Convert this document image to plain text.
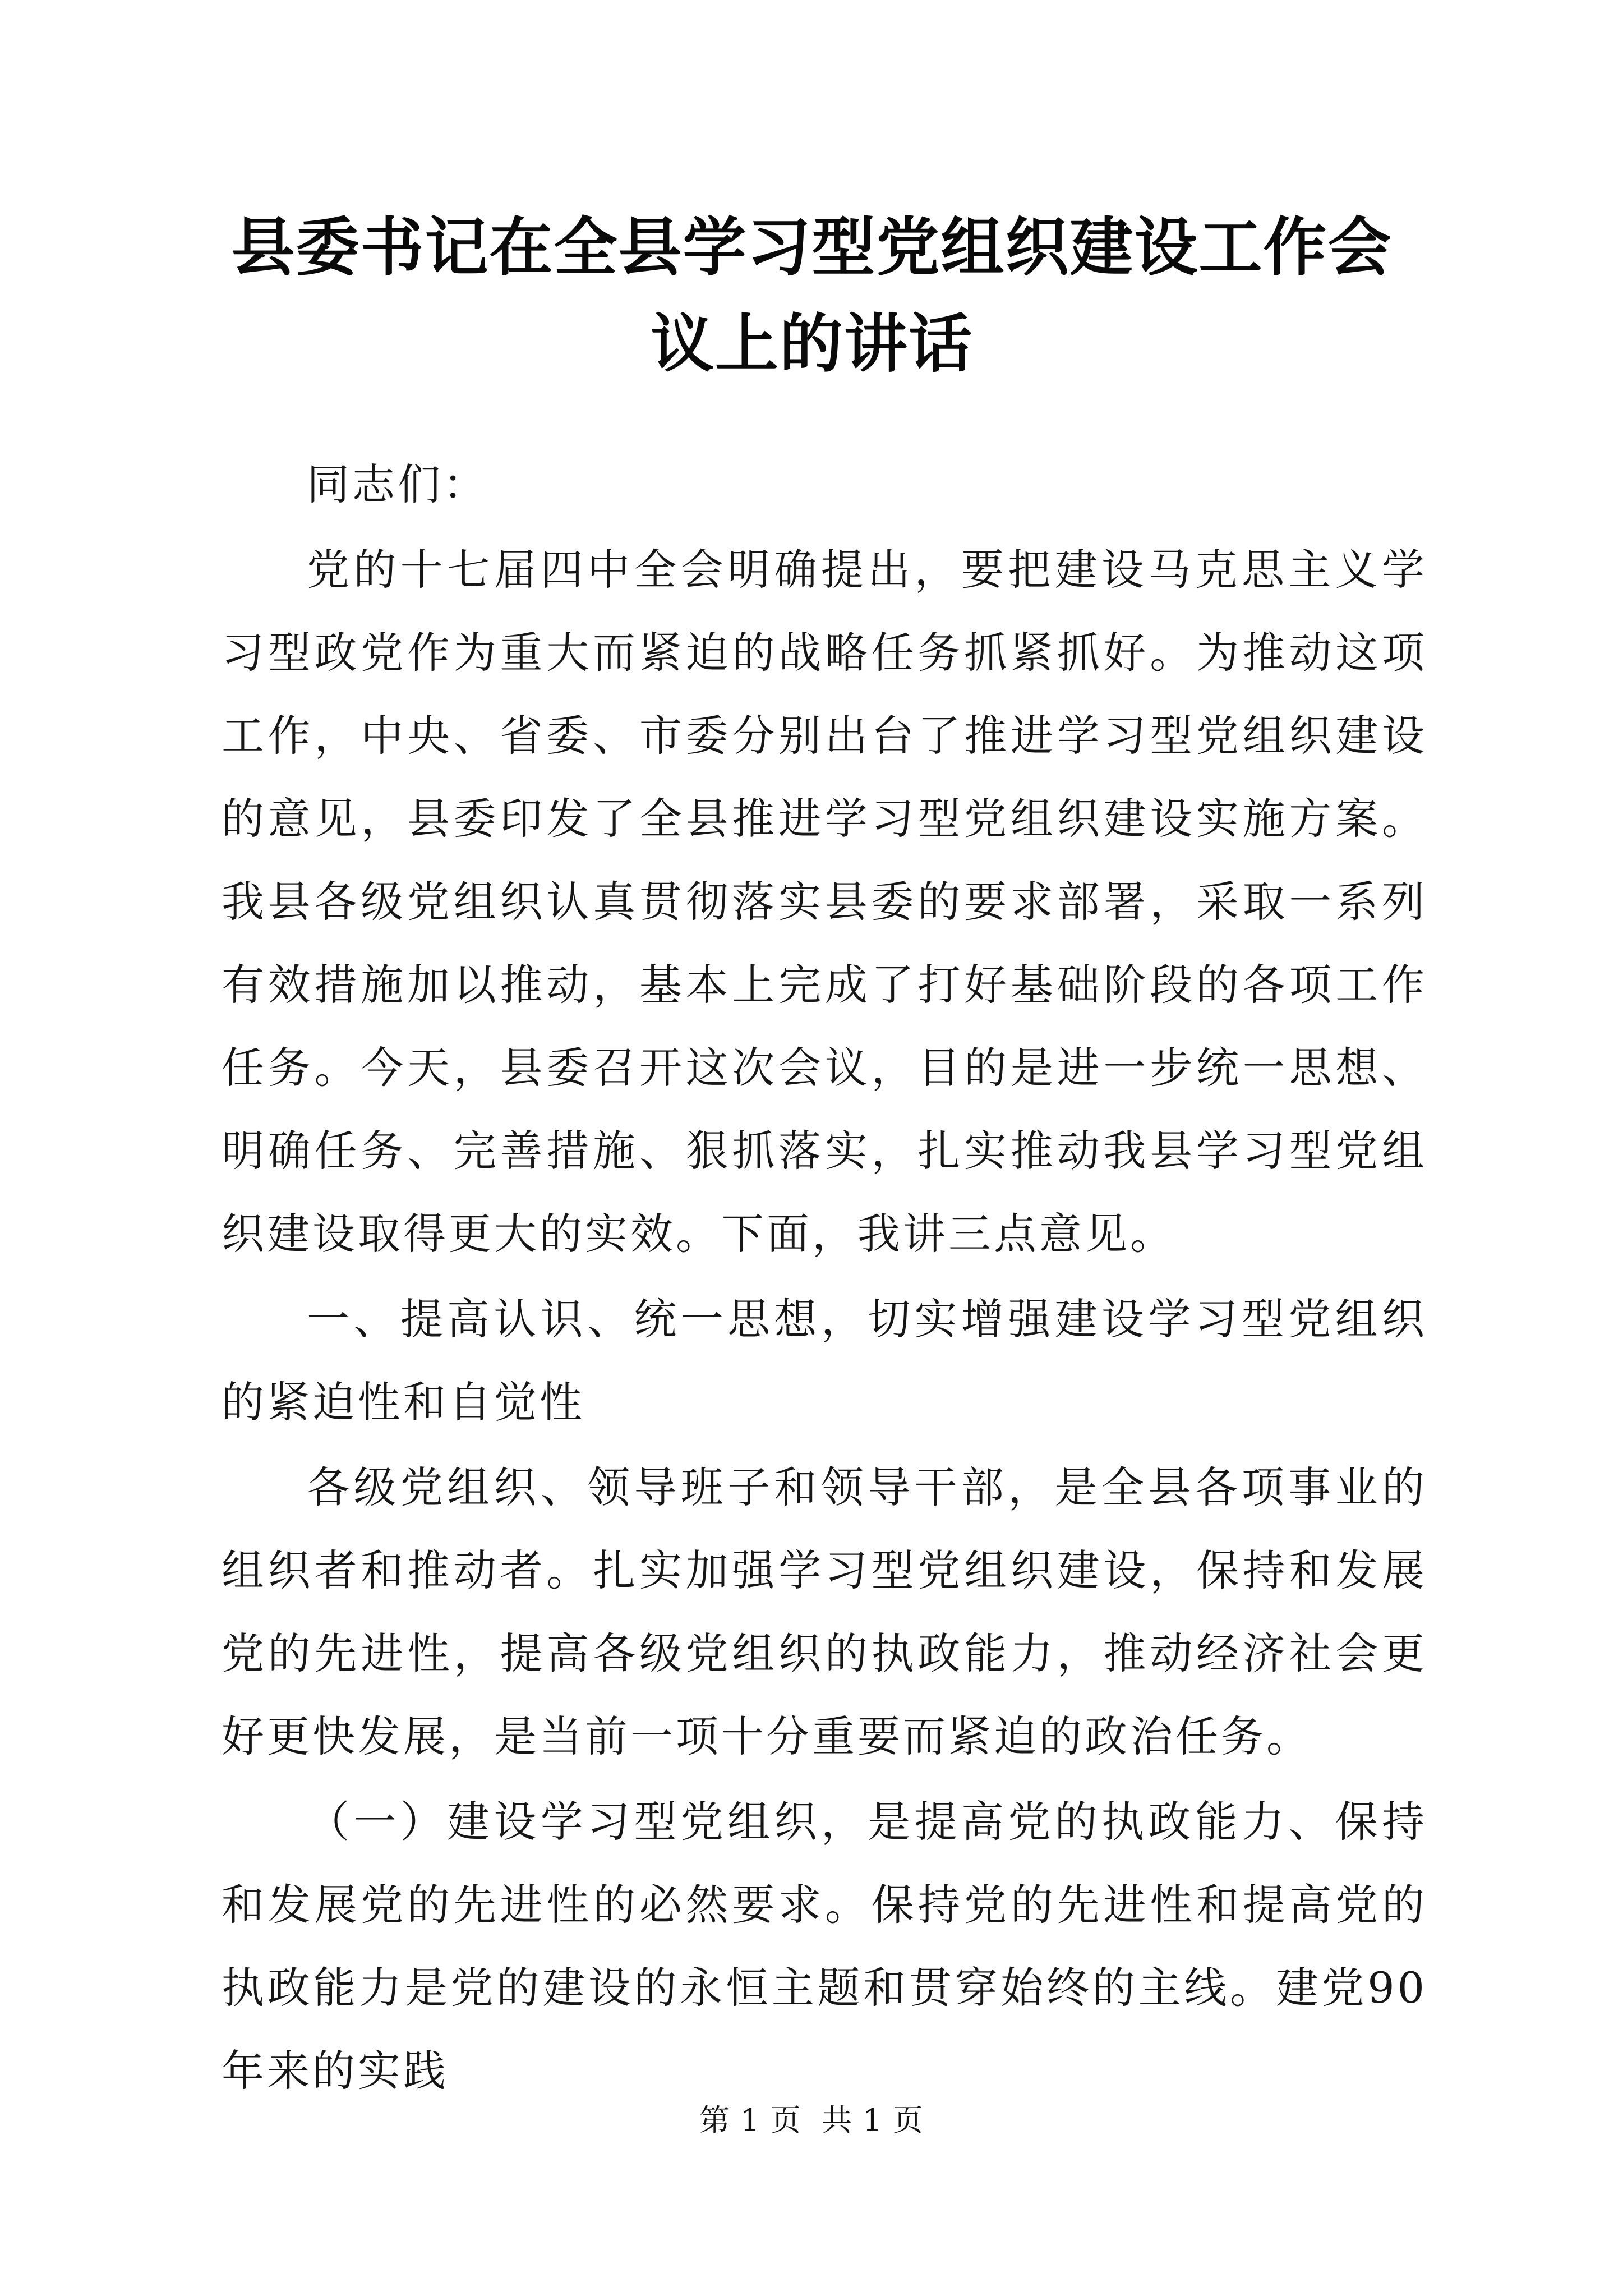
县委书记在全县学习型党组织建设工作会议上的讲话

同志们：

党的十七届四中全会明确提出，要把建设马克思主义学习型政党作为重大而紧迫的战略任务抓紧抓好。为推动这项工作，中央、省委、市委分别出台了推进学习型党组织建设的意见，县委印发了全县推进学习型党组织建设实施方案。我县各级党组织认真贯彻落实县委的要求部署，采取一系列有效措施加以推动，基本上完成了打好基础阶段的各项工作任务。今天，县委召开这次会议，目的是进一步统一思想、明确任务、完善措施、狠抓落实，扎实推动我县学习型党组织建设取得更大的实效。下面，我讲三点意见。

一、提高认识、统一思想，切实增强建设学习型党组织的紧迫性和自觉性

各级党组织、领导班子和领导干部，是全县各项事业的组织者和推动者。扎实加强学习型党组织建设，保持和发展党的先进性，提高各级党组织的执政能力，推动经济社会更好更快发展，是当前一项十分重要而紧迫的政治任务。

（一）建设学习型党组织，是提高党的执政能力、保持和发展党的先进性的必然要求。保持党的先进性和提高党的执政能力是党的建设的永恒主题和贯穿始终的主线。建党90年来的实践

第 1 页  共 1 页
